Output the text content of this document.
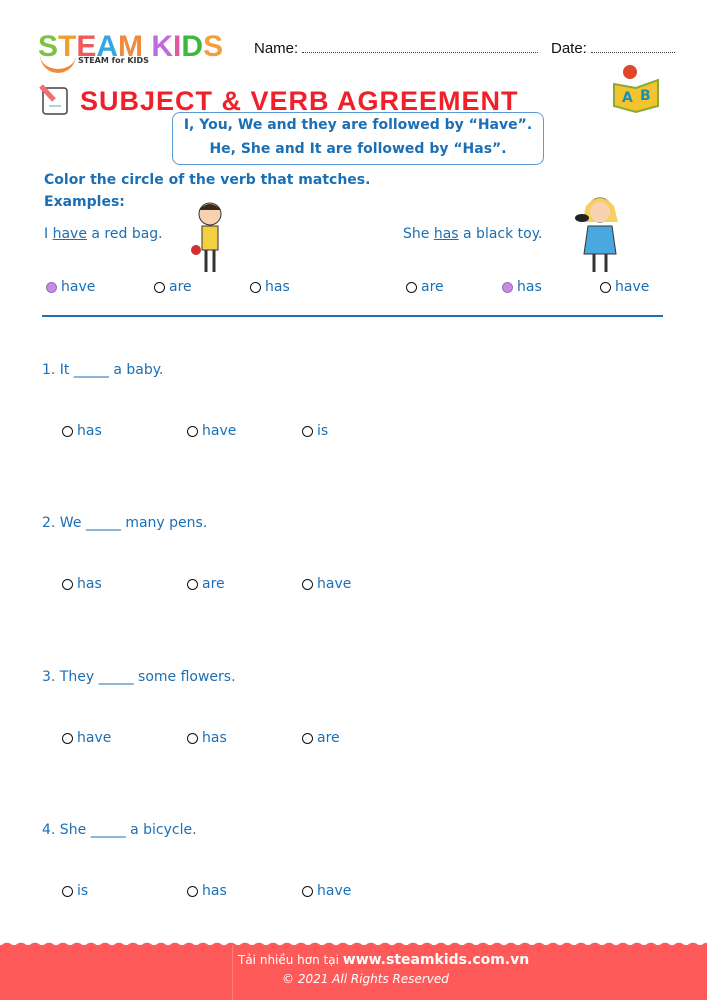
STEAM KIDS
STEAM for KIDS
Name:	Date:
SUBJECT & VERB AGREEMENT	A B
I, You, We and they are followed by “Have”.
He, She and It are followed by “Has”.
Color the circle of the verb that matches.
Examples:
I have a red bag.	She has a black toy.
have	are	has	are	has	have
1. It _____ a baby.
has	have	is
2. We _____ many pens.
has	are	have
3. They _____ some flowers.
have	has	are
4. She _____ a bicycle.
is	has	have
Tải nhiều hơn tại www.steamkids.com.vn
© 2021 All Rights Reserved
